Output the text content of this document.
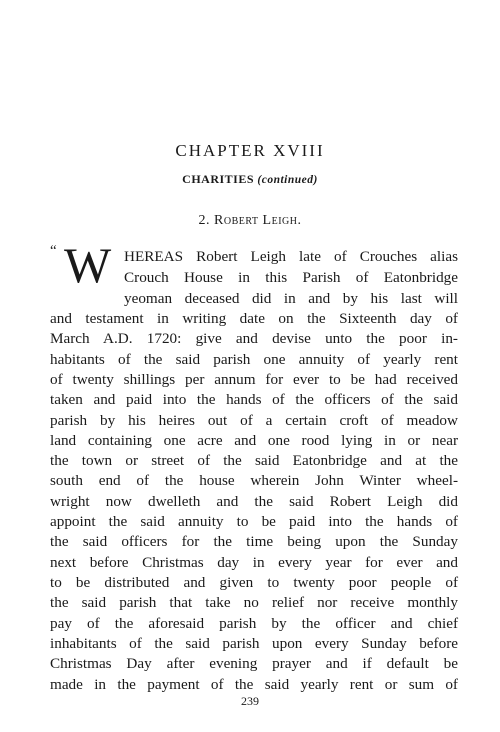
CHAPTER XVIII
CHARITIES (continued)
2. Robert Leigh.
“ W HEREAS Robert Leigh late of Crouches alias
Crouch House in this Parish of Eatonbridge
yeoman deceased did in and by his last will
and testament in writing date on the Sixteenth day of
March A.D. 1720: give and devise unto the poor in-
habitants of the said parish one annuity of yearly rent
of twenty shillings per annum for ever to be had received
taken and paid into the hands of the officers of the said
parish by his heires out of a certain croft of meadow
land containing one acre and one rood lying in or near
the town or street of the said Eatonbridge and at the
south end of the house wherein John Winter wheel-
wright now dwelleth and the said Robert Leigh did
appoint the said annuity to be paid into the hands of
the said officers for the time being upon the Sunday
next before Christmas day in every year for ever and
to be distributed and given to twenty poor people of
the said parish that take no relief nor receive monthly
pay of the aforesaid parish by the officer and chief
inhabitants of the said parish upon every Sunday before
Christmas Day after evening prayer and if default be
made in the payment of the said yearly rent or sum of
239
